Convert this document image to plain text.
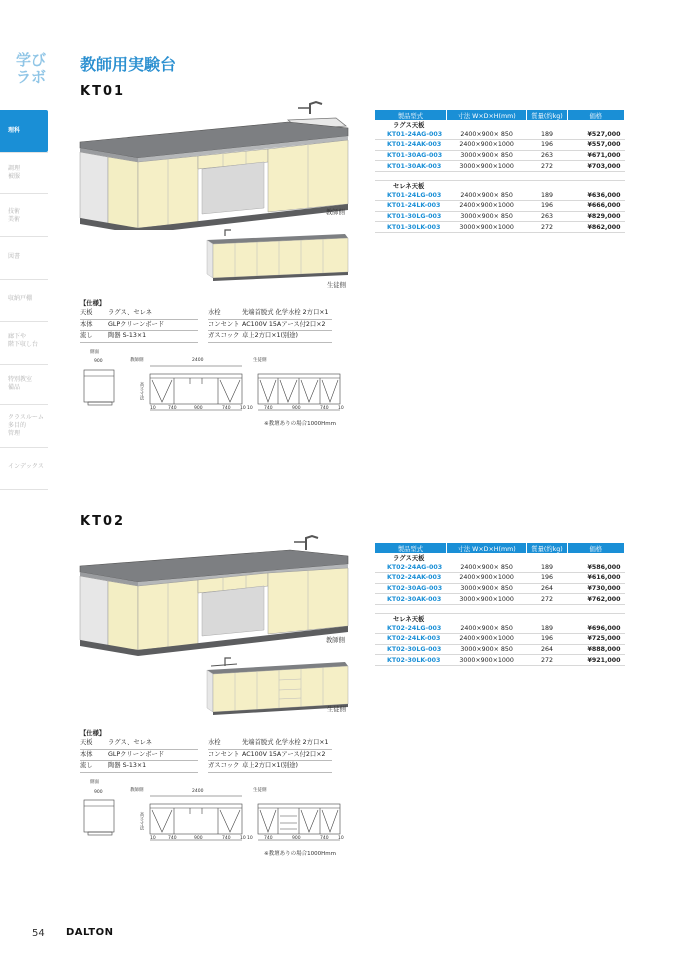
学び
ラボ
理科
調理
被服
技術
美術
図書
収納戸棚
廊下や
階下収し台
特別教室
備品
クラスルーム
多目的
管理
インデックス
教師用実験台
KT01
教師側
生徒側
製品型式	寸法 W×D×H(mm)	質量(約kg)	価格
ラグス天板			
KT01-24AG-003	2400×900× 850	189	¥527,000
KT01-24AK-003	2400×900×1000	196	¥557,000
KT01-30AG-003	3000×900× 850	263	¥671,000
KT01-30AK-003	3000×900×1000	272	¥703,000

セレネ天板			
KT01-24LG-003	2400×900× 850	189	¥636,000
KT01-24LK-003	2400×900×1000	196	¥666,000
KT01-30LG-003	3000×900× 850	263	¥829,000
KT01-30LK-003	3000×900×1000	272	¥862,000
【仕様】
天板 ラグス、セレネ
本体 GLPクリーンボード
流し 陶器 S-13×1
水栓	先端首脱式 化学水栓 2方口×1
コンセント AC100V 15Aアース付2口×2
ガスコック 卓上2方口×1(別途)
側面
教師側	生徒側
900	2400
高さ寸法
10	740	900	740 10 10	740	900	740 10
※教壇ありの場合1000Hmm
KT02
教師側
生徒側
製品型式	寸法 W×D×H(mm)	質量(約kg)	価格
ラグス天板			
KT02-24AG-003	2400×900× 850	189	¥586,000
KT02-24AK-003	2400×900×1000	196	¥616,000
KT02-30AG-003	3000×900× 850	264	¥730,000
KT02-30AK-003	3000×900×1000	272	¥762,000

セレネ天板			
KT02-24LG-003	2400×900× 850	189	¥696,000
KT02-24LK-003	2400×900×1000	196	¥725,000
KT02-30LG-003	3000×900× 850	264	¥888,000
KT02-30LK-003	3000×900×1000	272	¥921,000
【仕様】
天板 ラグス、セレネ
本体 GLPクリーンボード
流し 陶器 S-13×1
水栓	先端首脱式 化学水栓 2方口×1
コンセント AC100V 15Aアース付2口×2
ガスコック 卓上2方口×1(別途)
側面
教師側	生徒側
900	2400
高さ寸法
10	740	900	740 10 10	740	900	740 10
※教壇ありの場合1000Hmm
54 DALTON
